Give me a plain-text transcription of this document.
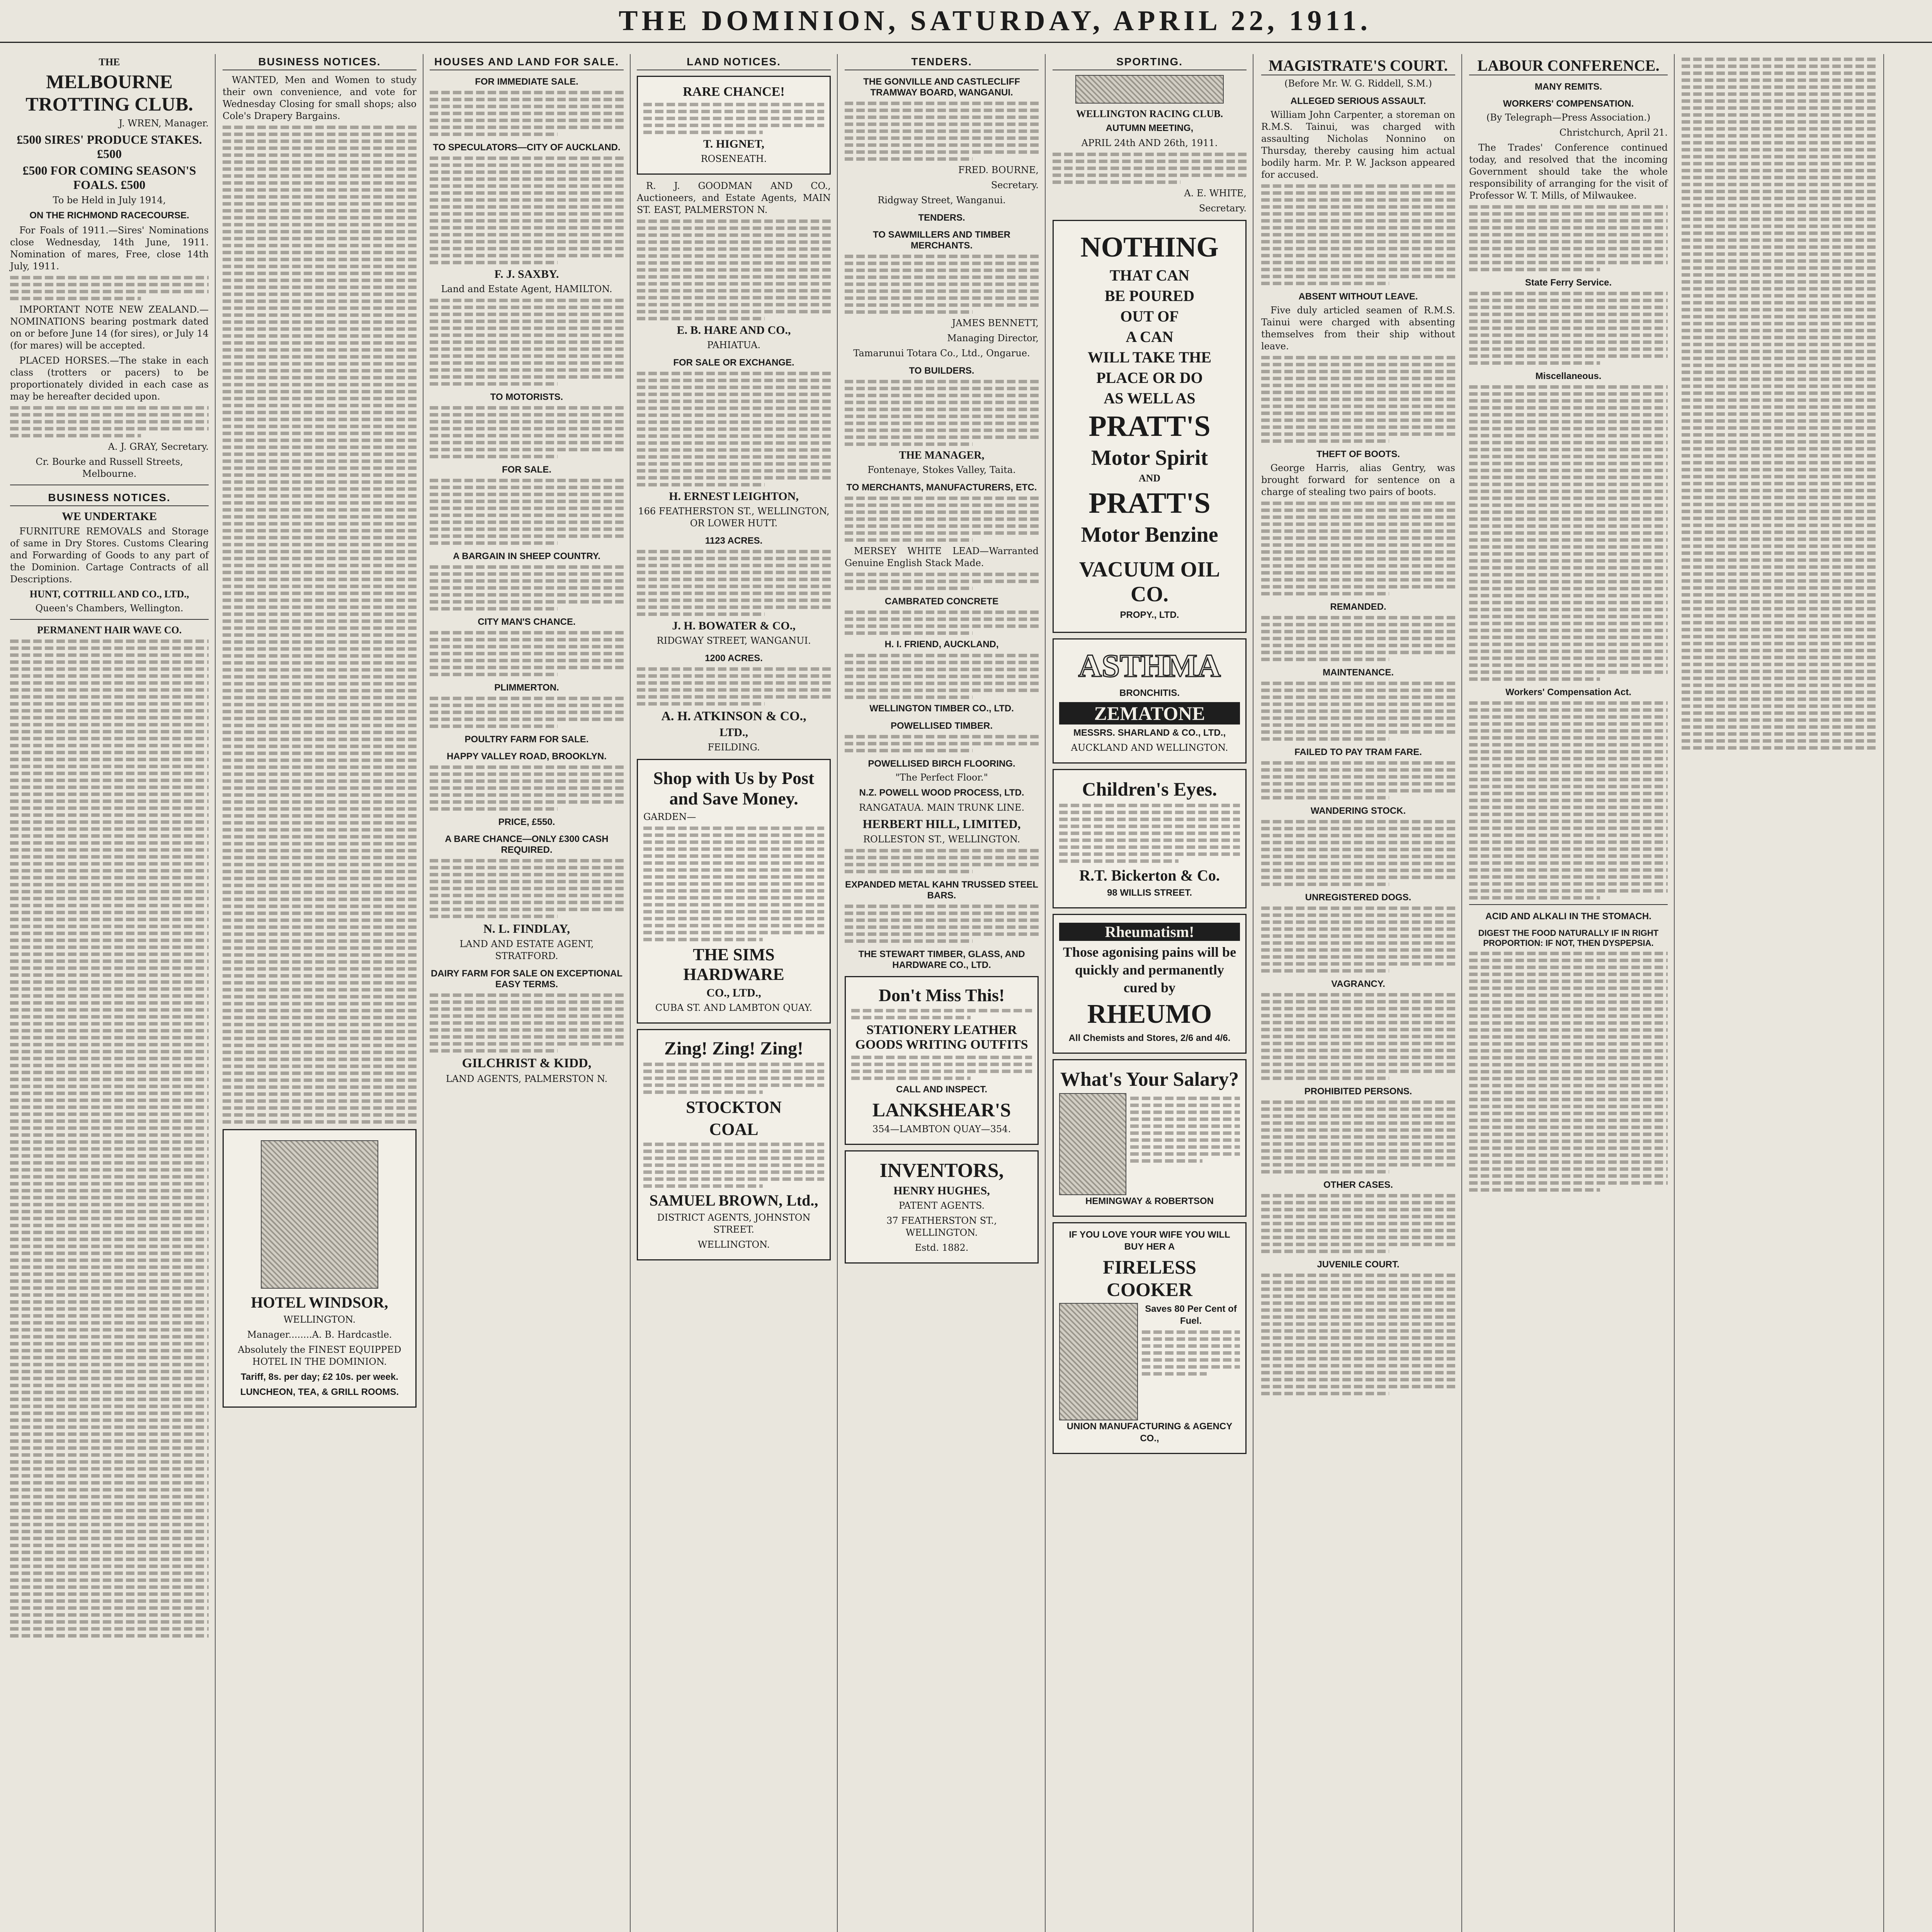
THE DOMINION, SATURDAY, APRIL 22, 1911.
THE
MELBOURNE TROTTING CLUB.
J. WREN, Manager.
£500 SIRES' PRODUCE STAKES. £500
£500 FOR COMING SEASON'S FOALS. £500
To be Held in July 1914,
ON THE RICHMOND RACECOURSE.
For Foals of 1911.—Sires' Nominations close Wednesday, 14th June, 1911. Nomination of mares, Free, close 14th July, 1911.
IMPORTANT NOTE NEW ZEALAND.—NOMINATIONS bearing postmark dated on or before June 14 (for sires), or July 14 (for mares) will be accepted.
PLACED HORSES.—The stake in each class (trotters or pacers) to be proportionately divided in each case as may be hereafter decided upon.
A. J. GRAY, Secretary.
Cr. Bourke and Russell Streets, Melbourne.
BUSINESS NOTICES.
WE UNDERTAKE
FURNITURE REMOVALS and Storage of same in Dry Stores. Customs Clearing and Forwarding of Goods to any part of the Dominion. Cartage Contracts of all Descriptions.
HUNT, COTTRILL AND CO., LTD.,
Queen's Chambers, Wellington.
PERMANENT HAIR WAVE CO.
BUSINESS NOTICES.
WANTED, Men and Women to study their own convenience, and vote for Wednesday Closing for small shops; also Cole's Drapery Bargains.
HOTEL WINDSOR,
WELLINGTON.
Manager........A. B. Hardcastle.
Absolutely the FINEST EQUIPPED HOTEL IN THE DOMINION.
Tariff, 8s. per day; £2 10s. per week.
LUNCHEON, TEA, & GRILL ROOMS.
HOUSES AND LAND FOR SALE.
FOR IMMEDIATE SALE.
TO SPECULATORS—CITY OF AUCKLAND.
F. J. SAXBY.
Land and Estate Agent, HAMILTON.
TO MOTORISTS.
FOR SALE.
A BARGAIN IN SHEEP COUNTRY.
CITY MAN'S CHANCE.
PLIMMERTON.
POULTRY FARM FOR SALE.
HAPPY VALLEY ROAD, BROOKLYN.
PRICE, £550.
A BARE CHANCE—ONLY £300 CASH REQUIRED.
N. L. FINDLAY,
LAND AND ESTATE AGENT, STRATFORD.
DAIRY FARM FOR SALE ON EXCEPTIONAL EASY TERMS.
GILCHRIST & KIDD,
LAND AGENTS, PALMERSTON N.
LAND NOTICES.
RARE CHANCE!
T. HIGNET,
ROSENEATH.
R. J. GOODMAN AND CO., Auctioneers, and Estate Agents, MAIN ST. EAST, PALMERSTON N.
E. B. HARE AND CO.,
PAHIATUA.
FOR SALE OR EXCHANGE.
H. ERNEST LEIGHTON,
166 FEATHERSTON ST., WELLINGTON, OR LOWER HUTT.
1123 ACRES.
J. H. BOWATER & CO.,
RIDGWAY STREET, WANGANUI.
1200 ACRES.
A. H. ATKINSON & CO.,
LTD.,
FEILDING.
Shop with Us by Post and Save Money.
GARDEN—
THE SIMS HARDWARE
CO., LTD.,
CUBA ST. AND LAMBTON QUAY.
Zing! Zing! Zing!
STOCKTON
COAL
SAMUEL BROWN, Ltd.,
DISTRICT AGENTS, JOHNSTON STREET.
WELLINGTON.
TENDERS.
THE GONVILLE AND CASTLECLIFF TRAMWAY BOARD, WANGANUI.
FRED. BOURNE,
Secretary.
Ridgway Street, Wanganui.
TENDERS.
TO SAWMILLERS AND TIMBER MERCHANTS.
JAMES BENNETT,
Managing Director,
Tamarunui Totara Co., Ltd., Ongarue.
TO BUILDERS.
THE MANAGER,
Fontenaye, Stokes Valley, Taita.
TO MERCHANTS, MANUFACTURERS, ETC.
MERSEY WHITE LEAD—Warranted Genuine English Stack Made.
CAMBRATED CONCRETE
H. I. FRIEND, AUCKLAND,
WELLINGTON TIMBER CO., LTD.
POWELLISED TIMBER.
POWELLISED BIRCH FLOORING.
"The Perfect Floor."
N.Z. POWELL WOOD PROCESS, LTD.
RANGATAUA. MAIN TRUNK LINE.
HERBERT HILL, LIMITED,
ROLLESTON ST., WELLINGTON.
EXPANDED METAL KAHN TRUSSED STEEL BARS.
THE STEWART TIMBER, GLASS, AND HARDWARE CO., LTD.
Don't Miss This!
STATIONERY LEATHER GOODS WRITING OUTFITS
CALL AND INSPECT.
LANKSHEAR'S
354—LAMBTON QUAY—354.
INVENTORS,
HENRY HUGHES,
PATENT AGENTS.
37 FEATHERSTON ST., WELLINGTON.
Estd. 1882.
SPORTING.
WELLINGTON RACING CLUB.
AUTUMN MEETING,
APRIL 24th AND 26th, 1911.
A. E. WHITE,
Secretary.
NOTHING
THAT CAN
BE POURED
OUT OF
A CAN
WILL TAKE THE
PLACE OR DO
AS WELL AS
PRATT'S
Motor Spirit
AND
PRATT'S
Motor Benzine
VACUUM OIL CO.
PROPY., LTD.
ASTHMA
BRONCHITIS.
ZEMATONE
MESSRS. SHARLAND & CO., LTD.,
AUCKLAND AND WELLINGTON.
Children's Eyes.
R.T. Bickerton & Co.
98 WILLIS STREET.
Rheumatism!
Those agonising pains will be quickly and permanently cured by
RHEUMO
All Chemists and Stores, 2/6 and 4/6.
What's Your Salary?
HEMINGWAY & ROBERTSON
IF YOU LOVE YOUR WIFE YOU WILL BUY HER A
FIRELESS COOKER
Saves 80 Per Cent of Fuel.
UNION MANUFACTURING & AGENCY CO.,
MAGISTRATE'S COURT.
(Before Mr. W. G. Riddell, S.M.)
ALLEGED SERIOUS ASSAULT.
William John Carpenter, a storeman on R.M.S. Tainui, was charged with assaulting Nicholas Nonnino on Thursday, thereby causing him actual bodily harm. Mr. P. W. Jackson appeared for accused.
ABSENT WITHOUT LEAVE.
Five duly articled seamen of R.M.S. Tainui were charged with absenting themselves from their ship without leave.
THEFT OF BOOTS.
George Harris, alias Gentry, was brought forward for sentence on a charge of stealing two pairs of boots.
REMANDED.
MAINTENANCE.
FAILED TO PAY TRAM FARE.
WANDERING STOCK.
UNREGISTERED DOGS.
VAGRANCY.
PROHIBITED PERSONS.
OTHER CASES.
JUVENILE COURT.
LABOUR CONFERENCE.
MANY REMITS.
WORKERS' COMPENSATION.
(By Telegraph—Press Association.)
Christchurch, April 21.
The Trades' Conference continued today, and resolved that the incoming Government should take the whole responsibility of arranging for the visit of Professor W. T. Mills, of Milwaukee.
State Ferry Service.
Miscellaneous.
Workers' Compensation Act.
ACID AND ALKALI IN THE STOMACH.
DIGEST THE FOOD NATURALLY IF IN RIGHT PROPORTION: IF NOT, THEN DYSPEPSIA.
